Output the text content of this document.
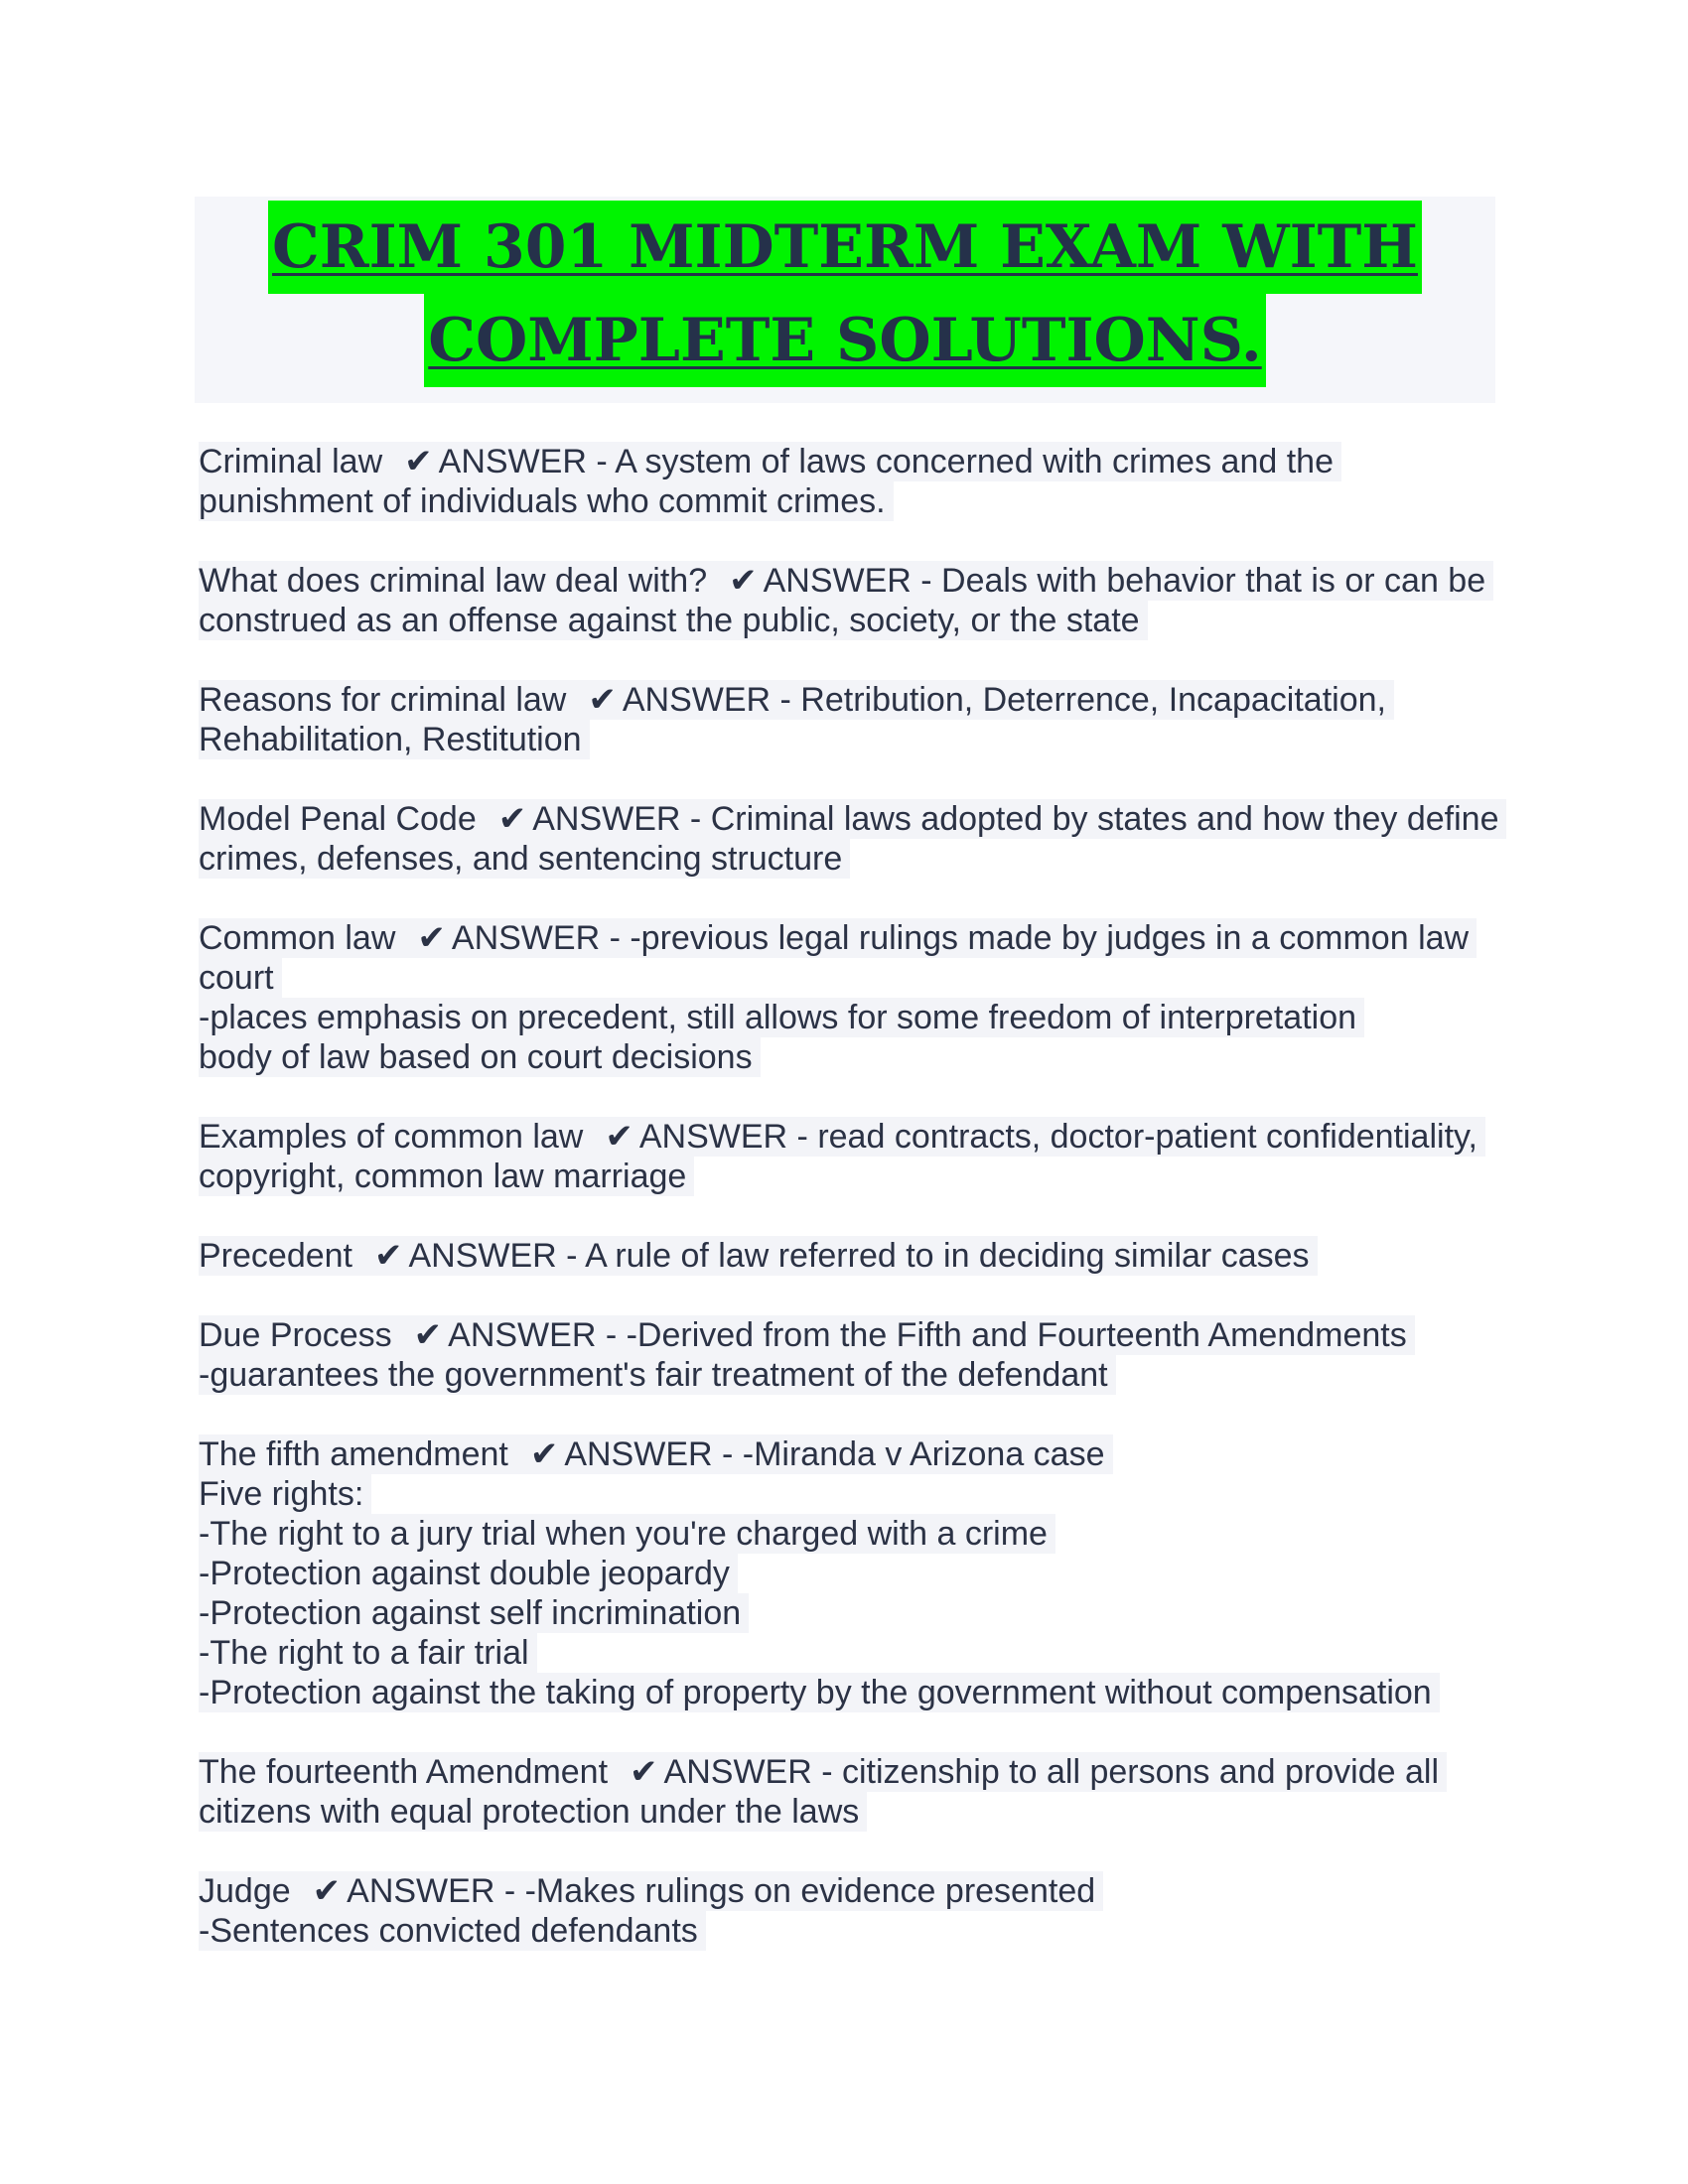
CRIM 301 MIDTERM EXAM WITH
COMPLETE SOLUTIONS.
Criminal law ✔ ANSWER - A system of laws concerned with crimes and the
punishment of individuals who commit crimes.
What does criminal law deal with? ✔ ANSWER - Deals with behavior that is or can be
construed as an offense against the public, society, or the state
Reasons for criminal law ✔ ANSWER - Retribution, Deterrence, Incapacitation,
Rehabilitation, Restitution
Model Penal Code ✔ ANSWER - Criminal laws adopted by states and how they define
crimes, defenses, and sentencing structure
Common law ✔ ANSWER - -previous legal rulings made by judges in a common law
court
-places emphasis on precedent, still allows for some freedom of interpretation
body of law based on court decisions
Examples of common law ✔ ANSWER - read contracts, doctor-patient confidentiality,
copyright, common law marriage
Precedent ✔ ANSWER - A rule of law referred to in deciding similar cases
Due Process ✔ ANSWER - -Derived from the Fifth and Fourteenth Amendments
-guarantees the government's fair treatment of the defendant
The fifth amendment ✔ ANSWER - -Miranda v Arizona case
Five rights:
-The right to a jury trial when you're charged with a crime
-Protection against double jeopardy
-Protection against self incrimination
-The right to a fair trial
-Protection against the taking of property by the government without compensation
The fourteenth Amendment ✔ ANSWER - citizenship to all persons and provide all
citizens with equal protection under the laws
Judge ✔ ANSWER - -Makes rulings on evidence presented
-Sentences convicted defendants
